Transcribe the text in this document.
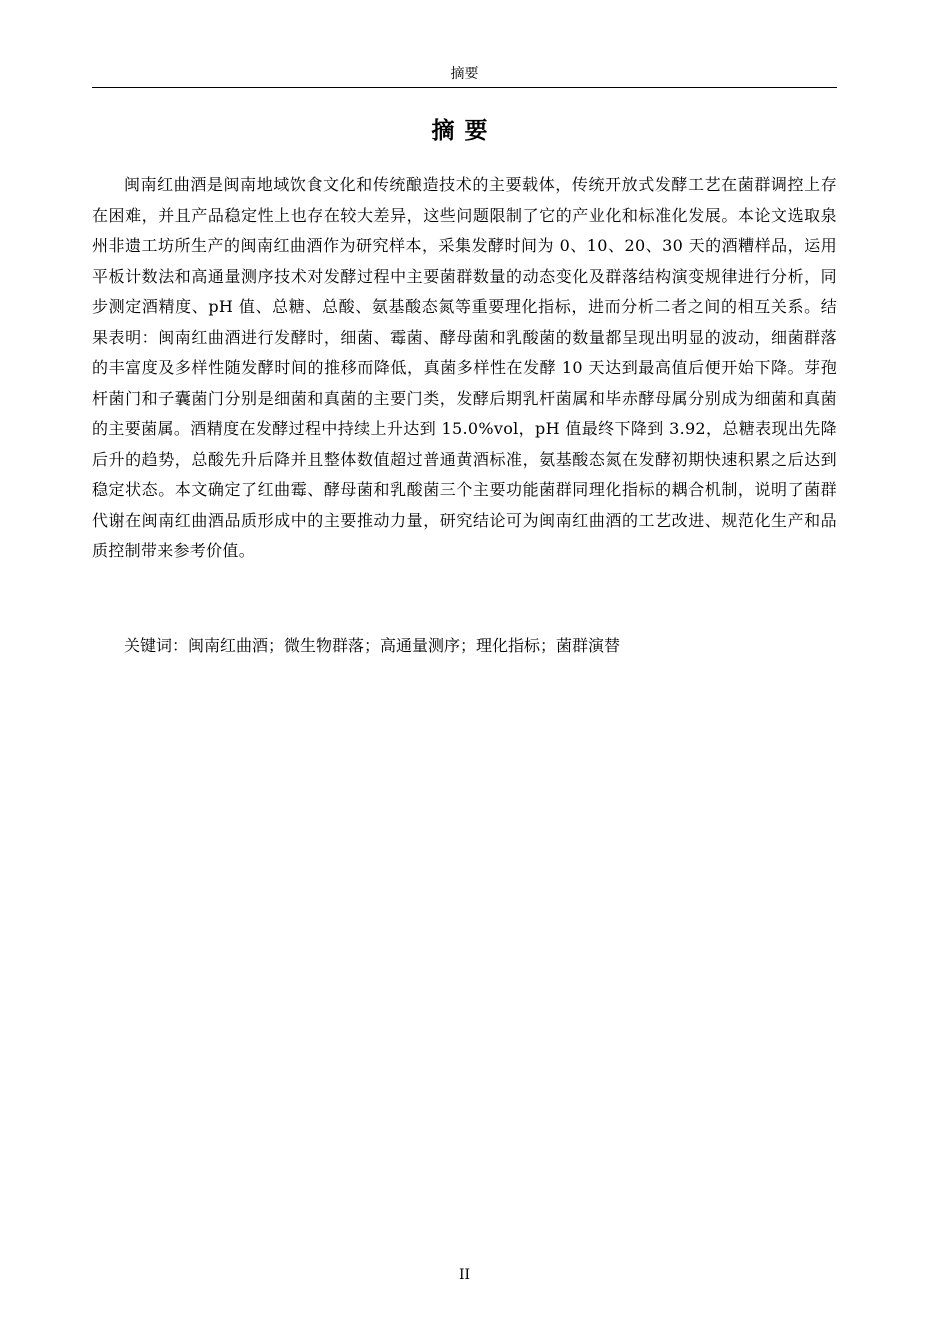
摘要
摘要

闽南红曲酒是闽南地域饮食文化和传统酿造技术的主要载体，传统开放式发酵工艺在菌群调控上存在困难，并且产品稳定性上也存在较大差异，这些问题限制了它的产业化和标准化发展。本论文选取泉州非遗工坊所生产的闽南红曲酒作为研究样本，采集发酵时间为 0、10、20、30 天的酒糟样品，运用平板计数法和高通量测序技术对发酵过程中主要菌群数量的动态变化及群落结构演变规律进行分析，同步测定酒精度、pH 值、总糖、总酸、氨基酸态氮等重要理化指标，进而分析二者之间的相互关系。结果表明：闽南红曲酒进行发酵时，细菌、霉菌、酵母菌和乳酸菌的数量都呈现出明显的波动，细菌群落的丰富度及多样性随发酵时间的推移而降低，真菌多样性在发酵 10 天达到最高值后便开始下降。芽孢杆菌门和子囊菌门分别是细菌和真菌的主要门类，发酵后期乳杆菌属和毕赤酵母属分别成为细菌和真菌的主要菌属。酒精度在发酵过程中持续上升达到 15.0%vol，pH 值最终下降到 3.92，总糖表现出先降后升的趋势，总酸先升后降并且整体数值超过普通黄酒标准，氨基酸态氮在发酵初期快速积累之后达到稳定状态。本文确定了红曲霉、酵母菌和乳酸菌三个主要功能菌群同理化指标的耦合机制，说明了菌群代谢在闽南红曲酒品质形成中的主要推动力量，研究结论可为闽南红曲酒的工艺改进、规范化生产和品质控制带来参考价值。

关键词：闽南红曲酒；微生物群落；高通量测序；理化指标；菌群演替

II
